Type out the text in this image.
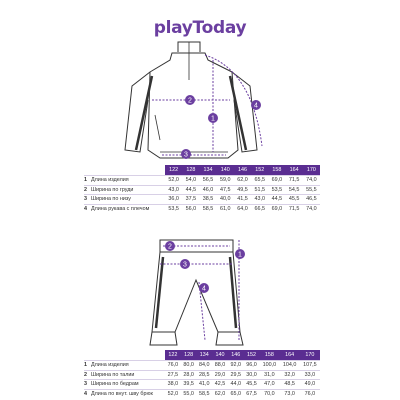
playToday
1
2
3
4
1
2
3
4
		122	128	134	140	146	152	158	164	170
1	Длина изделия	52,0	54,0	56,5	59,0	62,0	65,5	69,0	71,5	74,0
2	Ширина по груди	43,0	44,5	46,0	47,5	49,5	51,5	53,5	54,5	55,5
3	Ширина по низу	36,0	37,5	38,5	40,0	41,5	43,0	44,5	45,5	46,5
4	Длина рукава с плечом	53,5	56,0	58,5	61,0	64,0	66,5	69,0	71,5	74,0
		122	128	134	140	146	152	158	164	170
1	Длина изделия	76,0	80,0	84,0	88,0	92,0	96,0	100,0	104,0	107,5
2	Ширина по талии	27,5	28,0	28,5	29,0	29,5	30,0	31,0	32,0	33,0
3	Ширина по бедрам	38,0	39,5	41,0	42,5	44,0	45,5	47,0	48,5	49,0
4	Длина по внут. шву брюк	52,0	55,0	58,5	62,0	65,0	67,5	70,0	73,0	76,0
